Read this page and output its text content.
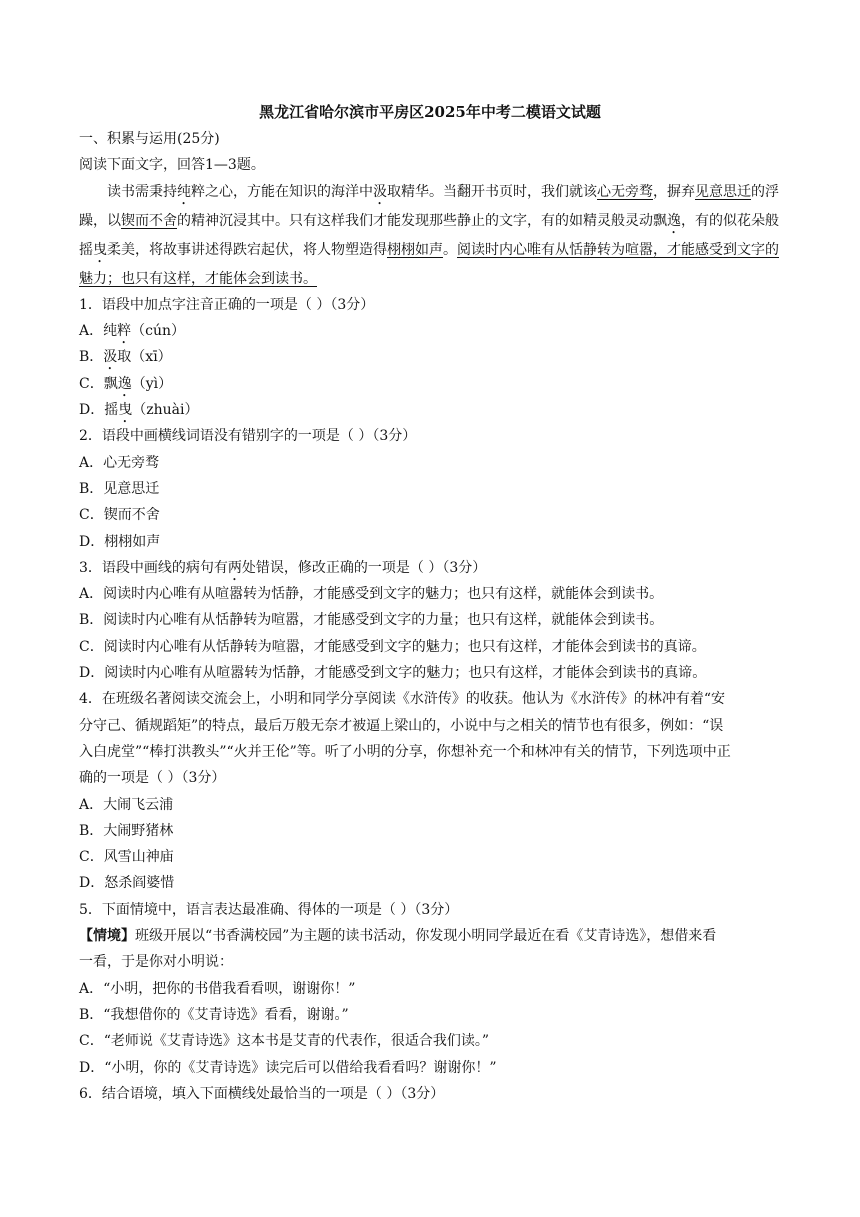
黑龙江省哈尔滨市平房区2025年中考二模语文试题
一、积累与运用(25分)
阅读下面文字，回答1—3题。
读书需秉持纯粹之心，方能在知识的海洋中汲取精华。当翻开书页时，我们就该心无旁骛，摒弃见意思迁的浮躁，以锲而不舍的精神沉浸其中。只有这样我们才能发现那些静止的文字，有的如精灵般灵动飘逸，有的似花朵般摇曳柔美，将故事讲述得跌宕起伏，将人物塑造得栩栩如声。阅读时内心唯有从恬静转为喧嚣，才能感受到文字的魅力；也只有这样，才能体会到读书。
1．语段中加点字注音正确的一项是（ ）（3分）
A．纯粹（cún）
B．汲取（xī）
C．飘逸（yì）
D．摇曳（zhuài）
2．语段中画横线词语没有错别字的一项是（ ）（3分）
A．心无旁骛
B．见意思迁
C．锲而不舍
D．栩栩如声
3．语段中画线的病句有两处错误，修改正确的一项是（ ）（3分）
A．阅读时内心唯有从喧嚣转为恬静，才能感受到文字的魅力；也只有这样，就能体会到读书。
B．阅读时内心唯有从恬静转为喧嚣，才能感受到文字的力量；也只有这样，就能体会到读书。
C．阅读时内心唯有从恬静转为喧嚣，才能感受到文字的魅力；也只有这样，才能体会到读书的真谛。
D．阅读时内心唯有从喧嚣转为恬静，才能感受到文字的魅力；也只有这样，才能体会到读书的真谛。
4．在班级名著阅读交流会上，小明和同学分享阅读《水浒传》的收获。他认为《水浒传》的林冲有着“安
分守己、循规蹈矩”的特点，最后万般无奈才被逼上梁山的，小说中与之相关的情节也有很多，例如：“误
入白虎堂”“棒打洪教头”“火并王伦”等。听了小明的分享，你想补充一个和林冲有关的情节，下列选项中正
确的一项是（ ）（3分）
A．大闹飞云浦
B．大闹野猪林
C．风雪山神庙
D．怒杀阎婆惜
5．下面情境中，语言表达最准确、得体的一项是（ ）（3分）
【情境】班级开展以“书香满校园”为主题的读书活动，你发现小明同学最近在看《艾青诗选》，想借来看
一看，于是你对小明说：
A．“小明，把你的书借我看看呗，谢谢你！”
B．“我想借你的《艾青诗选》看看，谢谢。”
C．“老师说《艾青诗选》这本书是艾青的代表作，很适合我们读。”
D．“小明，你的《艾青诗选》读完后可以借给我看看吗？谢谢你！”
6．结合语境，填入下面横线处最恰当的一项是（ ）（3分）
